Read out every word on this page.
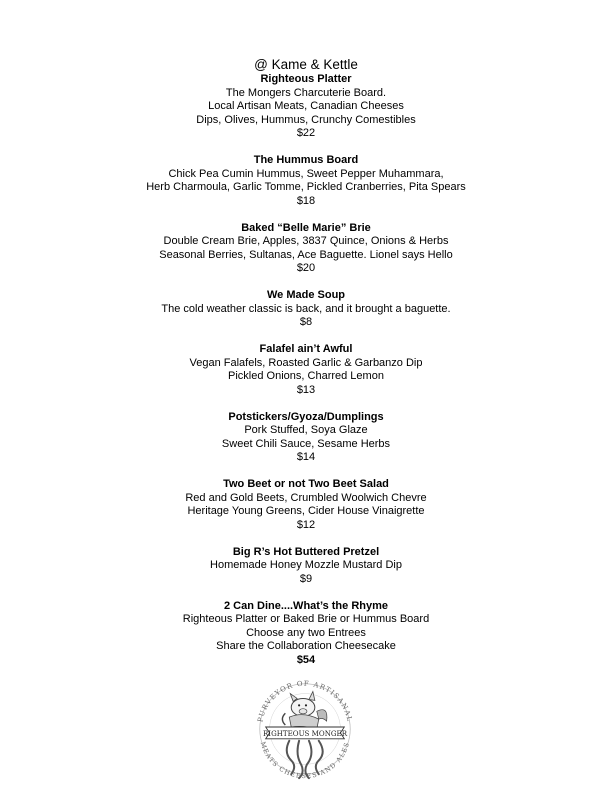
@ Kame & Kettle
Righteous Platter
The Mongers Charcuterie Board.
Local Artisan Meats, Canadian Cheeses
Dips, Olives, Hummus, Crunchy Comestibles
$22
The Hummus Board
Chick Pea Cumin Hummus, Sweet Pepper Muhammara,
Herb Charmoula, Garlic Tomme, Pickled Cranberries, Pita Spears
$18
Baked “Belle Marie” Brie
Double Cream Brie, Apples, 3837 Quince, Onions & Herbs
Seasonal Berries, Sultanas, Ace Baguette. Lionel says Hello
$20
We Made Soup
The cold weather classic is back, and it brought a baguette.
$8
Falafel ain’t Awful
Vegan Falafels, Roasted Garlic & Garbanzo Dip
Pickled Onions, Charred Lemon
$13
Potstickers/Gyoza/Dumplings
Pork Stuffed, Soya Glaze
Sweet Chili Sauce, Sesame Herbs
$14
Two Beet or not Two Beet Salad
Red and Gold Beets, Crumbled Woolwich Chevre
Heritage Young Greens, Cider House Vinaigrette
$12
Big R’s Hot Buttered Pretzel
Homemade Honey Mozzle Mustard Dip
$9
2 Can Dine....What’s the Rhyme
Righteous Platter or Baked Brie or Hummus Board
Choose any two Entrees
Share the Collaboration Cheesecake
$54
PURVEYOR OF ARTISANAL
MEATS CHEESES AND ALES
RIGHTEOUS MONGER
